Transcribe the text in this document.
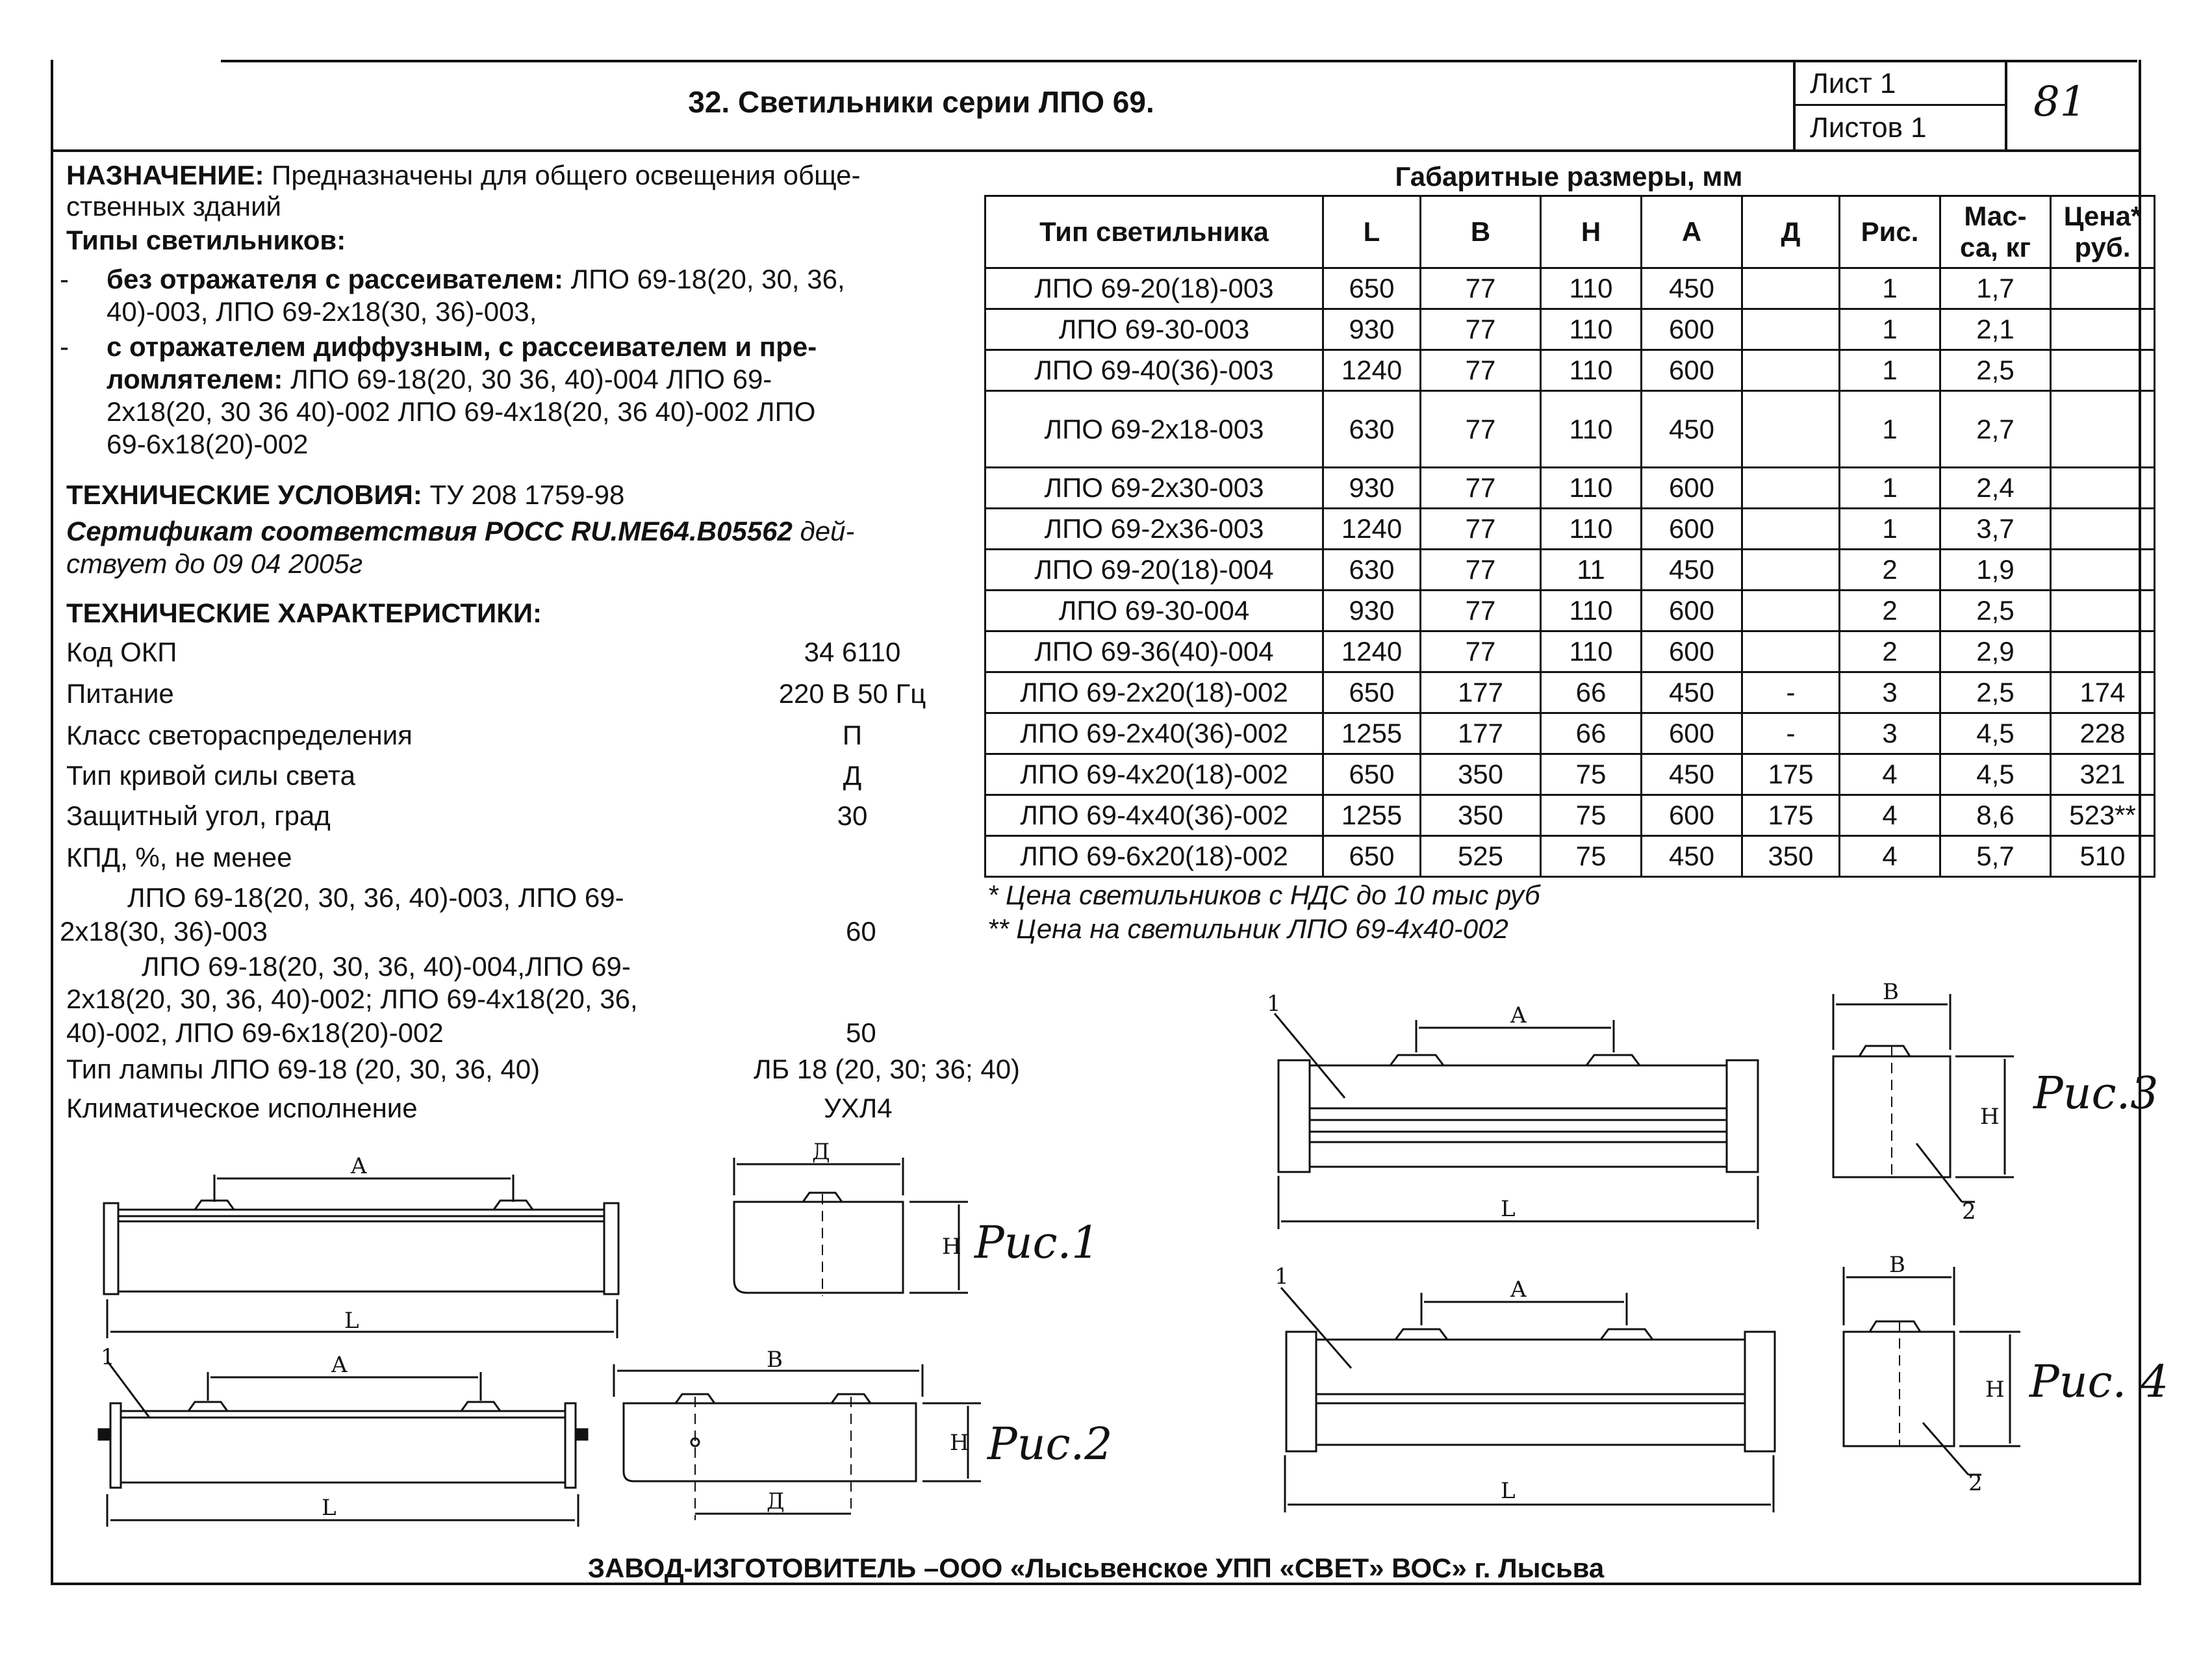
32. Светильники серии ЛПО 69.
Лист 1
Листов 1
81
НАЗНАЧЕНИЕ: Предназначены для общего освещения обще-
ственных зданий
Типы светильников:
- без отражателя с рассеивателем: ЛПО 69-18(20, 30, 36,
40)-003, ЛПО 69-2х18(30, 36)-003,
- с отражателем диффузным, с рассеивателем и пре-
ломлятелем: ЛПО 69-18(20, 30 36, 40)-004 ЛПО 69-
2х18(20, 30 36 40)-002 ЛПО 69-4х18(20, 36 40)-002 ЛПО
69-6х18(20)-002
ТЕХНИЧЕСКИЕ УСЛОВИЯ: ТУ 208 1759-98
Сертификат соответствия РОСС RU.ME64.B05562 дей-
ствует до 09 04 2005г
ТЕХНИЧЕСКИЕ ХАРАКТЕРИСТИКИ:
Код ОКП	34 6110
Питание	220 В 50 Гц
Класс светораспределения	П
Тип кривой силы света	Д
Защитный угол, град	30
КПД, %, не менее
ЛПО 69-18(20, 30, 36, 40)-003, ЛПО 69-
2х18(30, 36)-003	60
ЛПО 69-18(20, 30, 36, 40)-004,ЛПО 69-
2х18(20, 30, 36, 40)-002; ЛПО 69-4х18(20, 36,
40)-002, ЛПО 69-6х18(20)-002	50
Тип лампы ЛПО 69-18 (20, 30, 36, 40)	ЛБ 18 (20, 30; 36; 40)
Климатическое исполнение	УХЛ4
Габаритные размеры, мм
Тип светильника	L	B	H	A	Д	Рис.	Мас-
са, кг	Цена*
руб.
ЛПО 69-20(18)-003	650	77	110	450		1	1,7	
ЛПО 69-30-003	930	77	110	600		1	2,1	
ЛПО 69-40(36)-003	1240	77	110	600		1	2,5	
ЛПО 69-2х18-003	630	77	110	450		1	2,7	
ЛПО 69-2х30-003	930	77	110	600		1	2,4	
ЛПО 69-2х36-003	1240	77	110	600		1	3,7	
ЛПО 69-20(18)-004	630	77	11	450		2	1,9	
ЛПО 69-30-004	930	77	110	600		2	2,5	
ЛПО 69-36(40)-004	1240	77	110	600		2	2,9	
ЛПО 69-2х20(18)-002	650	177	66	450	-	3	2,5	174
ЛПО 69-2х40(36)-002	1255	177	66	600	-	3	4,5	228
ЛПО 69-4х20(18)-002	650	350	75	450	175	4	4,5	321
ЛПО 69-4х40(36)-002	1255	350	75	600	175	4	8,6	523**
ЛПО 69-6х20(18)-002	650	525	75	450	350	4	5,7	510
* Цена светильников с НДС до 10 тыс руб
** Цена на светильник ЛПО 69-4х40-002
A
L
Д
H
A
L
B
H
Д
1
A
L
B
H
1
2
A
L
B
H
1
2
Рис.1
Рис.2
Рис.3
Рис. 4
ЗАВОД-ИЗГОТОВИТЕЛЬ –ООО «Лысьвенское УПП «СВЕТ» ВОС» г. Лысьва
